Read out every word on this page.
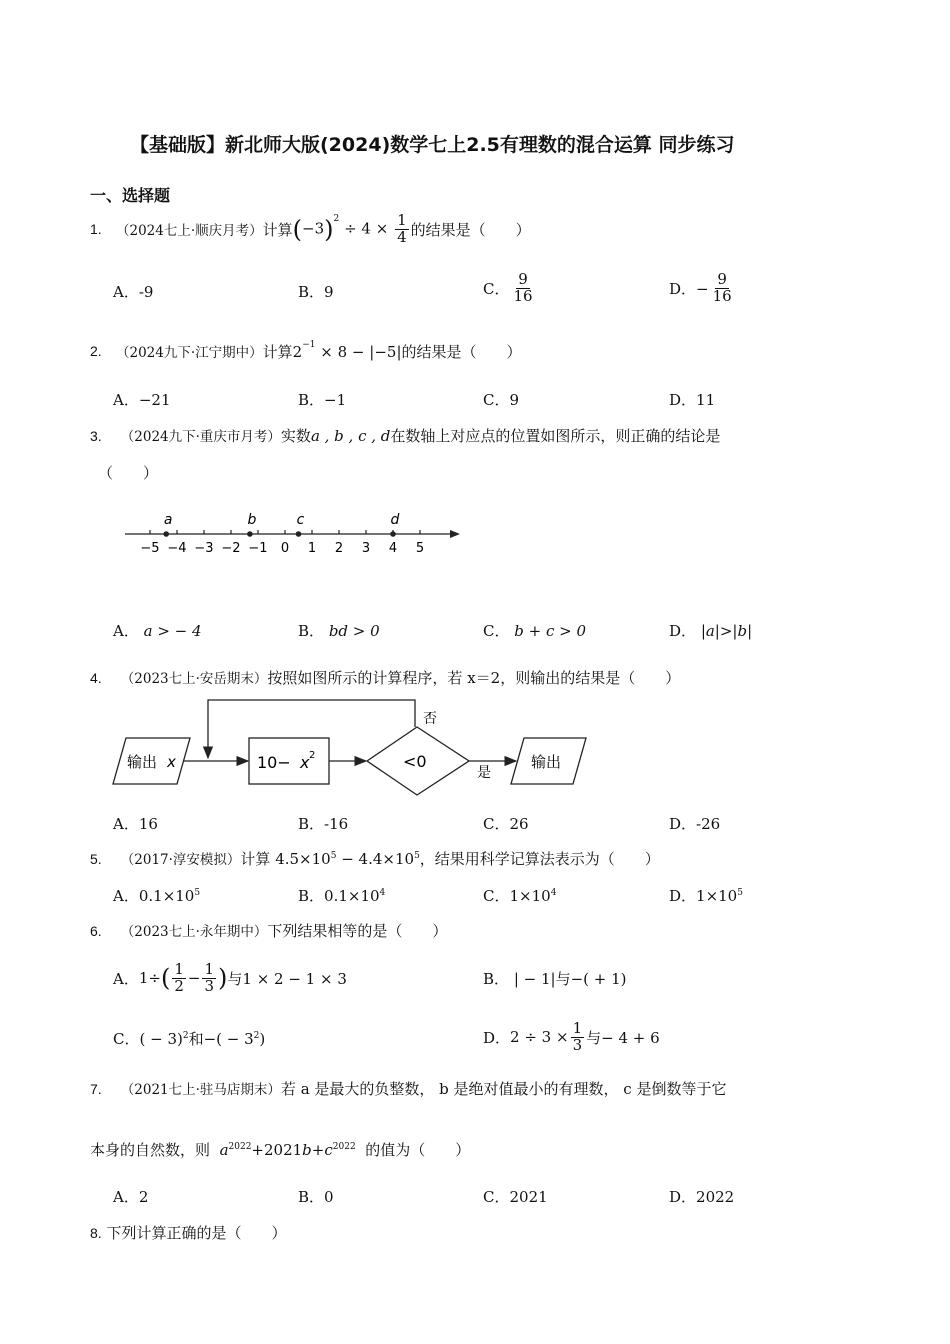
【基础版】新北师大版(2024)数学七上2.5有理数的混合运算 同步练习
一、选择题
1.
（2024七上·顺庆月考） 计算 $(-3)^2 \div 4 \times \frac{1}{4}$ 的结果是（　　）
A．-9	B．9	C． $\frac{9}{16}$	D．− $\frac{9}{16}$
2.
（2024九下·江宁期中） 计算$2^{-1} \times 8 - |-5|$ 的结果是（　　）
A．−21	B．−1	C．9	D．11
3. （2024九下·重庆市月考）实数a , b , c , d在数轴上对应点的位置如图所示，则正确的结论是
（　　）
−5 −4 −3 −2 −1 0 1 2 3 4 5
a	b	c	d
A． a > − 4	B． bd > 0	C． b + c > 0	D． |a|>|b|
4. （2023七上·安岳期末）按照如图所示的计算程序，若 x＝2，则输出的结果是（　　）
输出 x	10− x 2	<0
否
是
输出
A．16	B．-16	C．26	D．-26
5. （2017·淳安模拟）计算 $4.5\times 10^5 - 4.4\times 10^5$，结果用科学记算法表示为（　　）
A．$0.1\times 10^5$	B．$0.1\times 10^4$	C．$1\times 10^4$	D．$1\times 10^5$
6. （2023七上·永年期中）下列结果相等的是（　　）
A． 1÷ ( $\frac{1}{2} - \frac{1}{3}$ ) 与1 × 2 − 1 × 3	B． | − 1|与−( + 1)
C．( − 3)$^2$和−( − $3^2$)	D． $2 \div 3 \times \frac{1}{3}$ 与− 4 + 6
7. （2021七上·驻马店期末）若 a 是最大的负整数， b 是绝对值最小的有理数， c 是倒数等于它
本身的自然数，则 $a^{2022}+2021b+c^{2022}$ 的值为（　　）
A．2	B．0	C．2021	D．2022
8. 下列计算正确的是（　　）
